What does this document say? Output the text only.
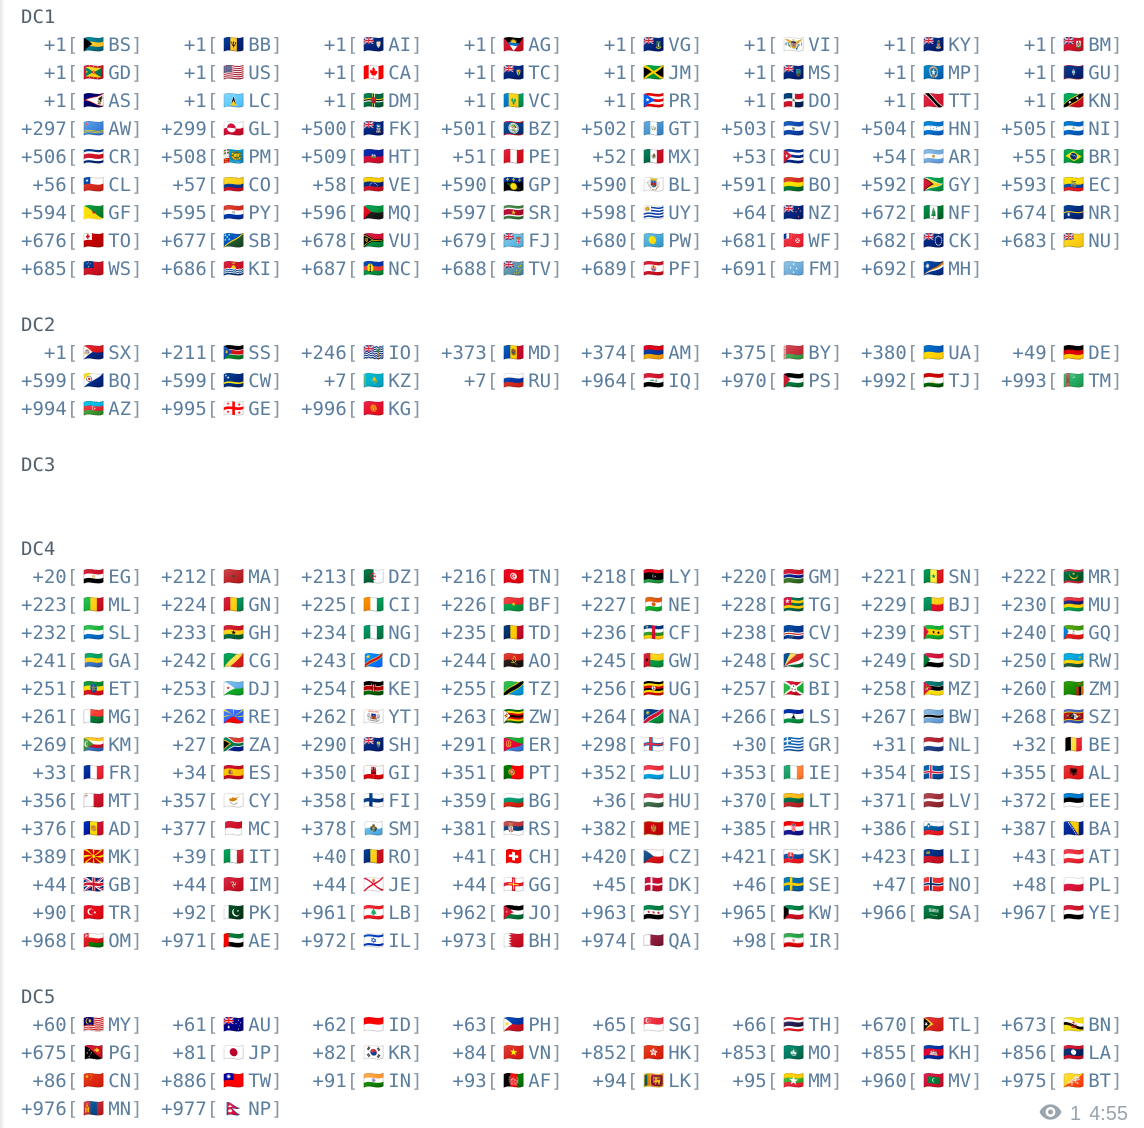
DC1
+1 [ 🇧🇸 BS ]	+1 [ 🇧🇧 BB ]	+1 [ 🇦🇮 AI ]	+1 [ 🇦🇬 AG ]	+1 [ 🇻🇬 VG ]	+1 [ 🇻🇮 VI ]	+1 [ 🇰🇾 KY ]	+1 [ 🇧🇲 BM ]
+1 [ 🇬🇩 GD ]	+1 [ 🇺🇸 US ]	+1 [ 🇨🇦 CA ]	+1 [ 🇹🇨 TC ]	+1 [ 🇯🇲 JM ]	+1 [ 🇲🇸 MS ]	+1 [ 🇲🇵 MP ]	+1 [ 🇬🇺 GU ]
+1 [ 🇦🇸 AS ]	+1 [ 🇱🇨 LC ]	+1 [ 🇩🇲 DM ]	+1 [ 🇻🇨 VC ]	+1 [ 🇵🇷 PR ]	+1 [ 🇩🇴 DO ]	+1 [ 🇹🇹 TT ]	+1 [ 🇰🇳 KN ]
+297 [ 🇦🇼 AW ] +299 [ 🇬🇱 GL ] +500 [ 🇫🇰 FK ] +501 [ 🇧🇿 BZ ] +502 [ 🇬🇹 GT ] +503 [ 🇸🇻 SV ] +504 [ 🇭🇳 HN ] +505 [ 🇳🇮 NI ]
+506 [ 🇨🇷 CR ] +508 [ 🇵🇲 PM ] +509 [ 🇭🇹 HT ]	+51 [ 🇵🇪 PE ]	+52 [ 🇲🇽 MX ]	+53 [ 🇨🇺 CU ]	+54 [ 🇦🇷 AR ]	+55 [ 🇧🇷 BR ]
+56 [ 🇨🇱 CL ]	+57 [ 🇨🇴 CO ]	+58 [ 🇻🇪 VE ] +590 [ 🇬🇵 GP ] +590 [ 🇧🇱 BL ] +591 [ 🇧🇴 BO ] +592 [ 🇬🇾 GY ] +593 [ 🇪🇨 EC ]
+594 [ 🇬🇫 GF ] +595 [ 🇵🇾 PY ] +596 [ 🇲🇶 MQ ] +597 [ 🇸🇷 SR ] +598 [ 🇺🇾 UY ]	+64 [ 🇳🇿 NZ ] +672 [ 🇳🇫 NF ] +674 [ 🇳🇷 NR ]
+676 [ 🇹🇴 TO ] +677 [ 🇸🇧 SB ] +678 [ 🇻🇺 VU ] +679 [ 🇫🇯 FJ ] +680 [ 🇵🇼 PW ] +681 [ 🇼🇫 WF ] +682 [ 🇨🇰 CK ] +683 [ 🇳🇺 NU ]
+685 [ 🇼🇸 WS ] +686 [ 🇰🇮 KI ] +687 [ 🇳🇨 NC ] +688 [ 🇹🇻 TV ] +689 [ 🇵🇫 PF ] +691 [ 🇫🇲 FM ] +692 [ 🇲🇭 MH ]
DC2
+1 [ 🇸🇽 SX ] +211 [ 🇸🇸 SS ] +246 [ 🇮🇴 IO ] +373 [ 🇲🇩 MD ] +374 [ 🇦🇲 AM ] +375 [ 🇧🇾 BY ] +380 [ 🇺🇦 UA ]	+49 [ 🇩🇪 DE ]
+599 [ 🇧🇶 BQ ] +599 [ 🇨🇼 CW ]	+7 [ 🇰🇿 KZ ]	+7 [ 🇷🇺 RU ] +964 [ 🇮🇶 IQ ] +970 [ 🇵🇸 PS ] +992 [ 🇹🇯 TJ ] +993 [ 🇹🇲 TM ]
+994 [ 🇦🇿 AZ ] +995 [ 🇬🇪 GE ] +996 [ 🇰🇬 KG ]
DC3
DC4
+20 [ 🇪🇬 EG ] +212 [ 🇲🇦 MA ] +213 [ 🇩🇿 DZ ] +216 [ 🇹🇳 TN ] +218 [ 🇱🇾 LY ] +220 [ 🇬🇲 GM ] +221 [ 🇸🇳 SN ] +222 [ 🇲🇷 MR ]
+223 [ 🇲🇱 ML ] +224 [ 🇬🇳 GN ] +225 [ 🇨🇮 CI ] +226 [ 🇧🇫 BF ] +227 [ 🇳🇪 NE ] +228 [ 🇹🇬 TG ] +229 [ 🇧🇯 BJ ] +230 [ 🇲🇺 MU ]
+232 [ 🇸🇱 SL ] +233 [ 🇬🇭 GH ] +234 [ 🇳🇬 NG ] +235 [ 🇹🇩 TD ] +236 [ 🇨🇫 CF ] +238 [ 🇨🇻 CV ] +239 [ 🇸🇹 ST ] +240 [ 🇬🇶 GQ ]
+241 [ 🇬🇦 GA ] +242 [ 🇨🇬 CG ] +243 [ 🇨🇩 CD ] +244 [ 🇦🇴 AO ] +245 [ 🇬🇼 GW ] +248 [ 🇸🇨 SC ] +249 [ 🇸🇩 SD ] +250 [ 🇷🇼 RW ]
+251 [ 🇪🇹 ET ] +253 [ 🇩🇯 DJ ] +254 [ 🇰🇪 KE ] +255 [ 🇹🇿 TZ ] +256 [ 🇺🇬 UG ] +257 [ 🇧🇮 BI ] +258 [ 🇲🇿 MZ ] +260 [ 🇿🇲 ZM ]
+261 [ 🇲🇬 MG ] +262 [ 🇷🇪 RE ] +262 [ 🇾🇹 YT ] +263 [ 🇿🇼 ZW ] +264 [ 🇳🇦 NA ] +266 [ 🇱🇸 LS ] +267 [ 🇧🇼 BW ] +268 [ 🇸🇿 SZ ]
+269 [ 🇰🇲 KM ]	+27 [ 🇿🇦 ZA ] +290 [ 🇸🇭 SH ] +291 [ 🇪🇷 ER ] +298 [ 🇫🇴 FO ]	+30 [ 🇬🇷 GR ]	+31 [ 🇳🇱 NL ]	+32 [ 🇧🇪 BE ]
+33 [ 🇫🇷 FR ]	+34 [ 🇪🇸 ES ] +350 [ 🇬🇮 GI ] +351 [ 🇵🇹 PT ] +352 [ 🇱🇺 LU ] +353 [ 🇮🇪 IE ] +354 [ 🇮🇸 IS ] +355 [ 🇦🇱 AL ]
+356 [ 🇲🇹 MT ] +357 [ 🇨🇾 CY ] +358 [ 🇫🇮 FI ] +359 [ 🇧🇬 BG ]	+36 [ 🇭🇺 HU ] +370 [ 🇱🇹 LT ] +371 [ 🇱🇻 LV ] +372 [ 🇪🇪 EE ]
+376 [ 🇦🇩 AD ] +377 [ 🇲🇨 MC ] +378 [ 🇸🇲 SM ] +381 [ 🇷🇸 RS ] +382 [ 🇲🇪 ME ] +385 [ 🇭🇷 HR ] +386 [ 🇸🇮 SI ] +387 [ 🇧🇦 BA ]
+389 [ 🇲🇰 MK ]	+39 [ 🇮🇹 IT ]	+40 [ 🇷🇴 RO ]	+41 [ 🇨🇭 CH ] +420 [ 🇨🇿 CZ ] +421 [ 🇸🇰 SK ] +423 [ 🇱🇮 LI ]	+43 [ 🇦🇹 AT ]
+44 [ 🇬🇧 GB ]	+44 [ 🇮🇲 IM ]	+44 [ 🇯🇪 JE ]	+44 [ 🇬🇬 GG ]	+45 [ 🇩🇰 DK ]	+46 [ 🇸🇪 SE ]	+47 [ 🇳🇴 NO ]	+48 [ 🇵🇱 PL ]
+90 [ 🇹🇷 TR ]	+92 [ 🇵🇰 PK ] +961 [ 🇱🇧 LB ] +962 [ 🇯🇴 JO ] +963 [ 🇸🇾 SY ] +965 [ 🇰🇼 KW ] +966 [ 🇸🇦 SA ] +967 [ 🇾🇪 YE ]
+968 [ 🇴🇲 OM ] +971 [ 🇦🇪 AE ] +972 [ 🇮🇱 IL ] +973 [ 🇧🇭 BH ] +974 [ 🇶🇦 QA ]	+98 [ 🇮🇷 IR ]
DC5
+60 [ 🇲🇾 MY ]	+61 [ 🇦🇺 AU ]	+62 [ 🇮🇩 ID ]	+63 [ 🇵🇭 PH ]	+65 [ 🇸🇬 SG ]	+66 [ 🇹🇭 TH ] +670 [ 🇹🇱 TL ] +673 [ 🇧🇳 BN ]
+675 [ 🇵🇬 PG ]	+81 [ 🇯🇵 JP ]	+82 [ 🇰🇷 KR ]	+84 [ 🇻🇳 VN ] +852 [ 🇭🇰 HK ] +853 [ 🇲🇴 MO ] +855 [ 🇰🇭 KH ] +856 [ 🇱🇦 LA ]
+86 [ 🇨🇳 CN ] +886 [ 🇹🇼 TW ]	+91 [ 🇮🇳 IN ]	+93 [ 🇦🇫 AF ]	+94 [ 🇱🇰 LK ]	+95 [ 🇲🇲 MM ] +960 [ 🇲🇻 MV ] +975 [ 🇧🇹 BT ]
+976 [ 🇲🇳 MN ] +977 [ 🇳🇵 NP ]	1 4:55
